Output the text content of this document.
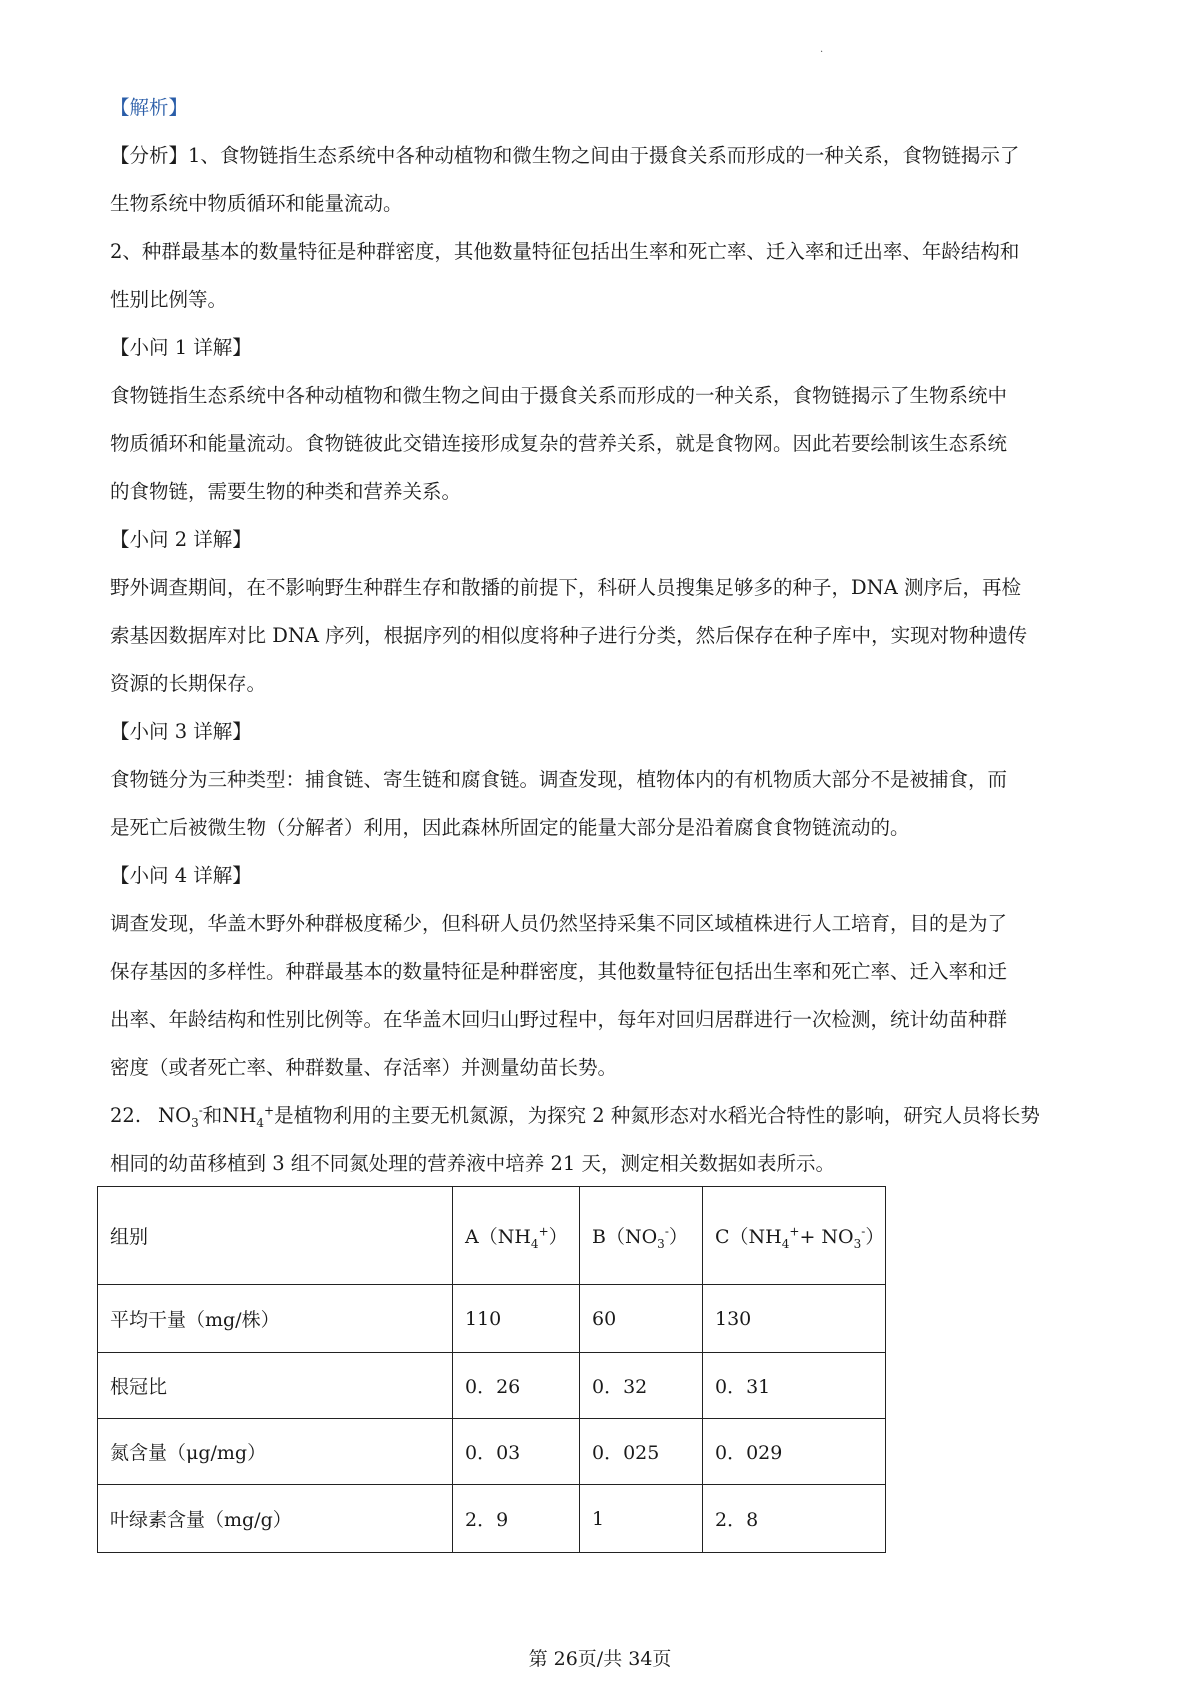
.
【解析】
【分析】1、食物链指生态系统中各种动植物和微生物之间由于摄食关系而形成的一种关系，食物链揭示了
生物系统中物质循环和能量流动。
2、种群最基本的数量特征是种群密度，其他数量特征包括出生率和死亡率、迁入率和迁出率、年龄结构和
性别比例等。
【小问 1 详解】
食物链指生态系统中各种动植物和微生物之间由于摄食关系而形成的一种关系，食物链揭示了生物系统中
物质循环和能量流动。食物链彼此交错连接形成复杂的营养关系，就是食物网。因此若要绘制该生态系统
的食物链，需要生物的种类和营养关系。
【小问 2 详解】
野外调查期间，在不影响野生种群生存和散播的前提下，科研人员搜集足够多的种子，DNA 测序后，再检
索基因数据库对比 DNA 序列，根据序列的相似度将种子进行分类，然后保存在种子库中，实现对物种遗传
资源的长期保存。
【小问 3 详解】
食物链分为三种类型：捕食链、寄生链和腐食链。调查发现，植物体内的有机物质大部分不是被捕食，而
是死亡后被微生物（分解者）利用，因此森林所固定的能量大部分是沿着腐食食物链流动的。
【小问 4 详解】
调查发现，华盖木野外种群极度稀少，但科研人员仍然坚持采集不同区域植株进行人工培育，目的是为了
保存基因的多样性。种群最基本的数量特征是种群密度，其他数量特征包括出生率和死亡率、迁入率和迁
出率、年龄结构和性别比例等。在华盖木回归山野过程中，每年对回归居群进行一次检测，统计幼苗种群
密度（或者死亡率、种群数量、存活率）并测量幼苗长势。
22. $NO_3^-$和$NH_4^+$是植物利用的主要无机氮源，为探究 2 种氮形态对水稻光合特性的影响，研究人员将长势
相同的幼苗移植到 3 组不同氮处理的营养液中培养 21 天，测定相关数据如表所示。
组别	$A(NH_4^+)$	$B(NO_3^-)$	$C(NH_4^++ NO_3^-)$
平均干量（mg/株）	110	60	130
根冠比	0．26	0．32	0．31
氮含量（μg/mg）	0．03	0．025	0．029
叶绿素含量（mg/g）	2．9	1	2．8
第 26页/共 34页
